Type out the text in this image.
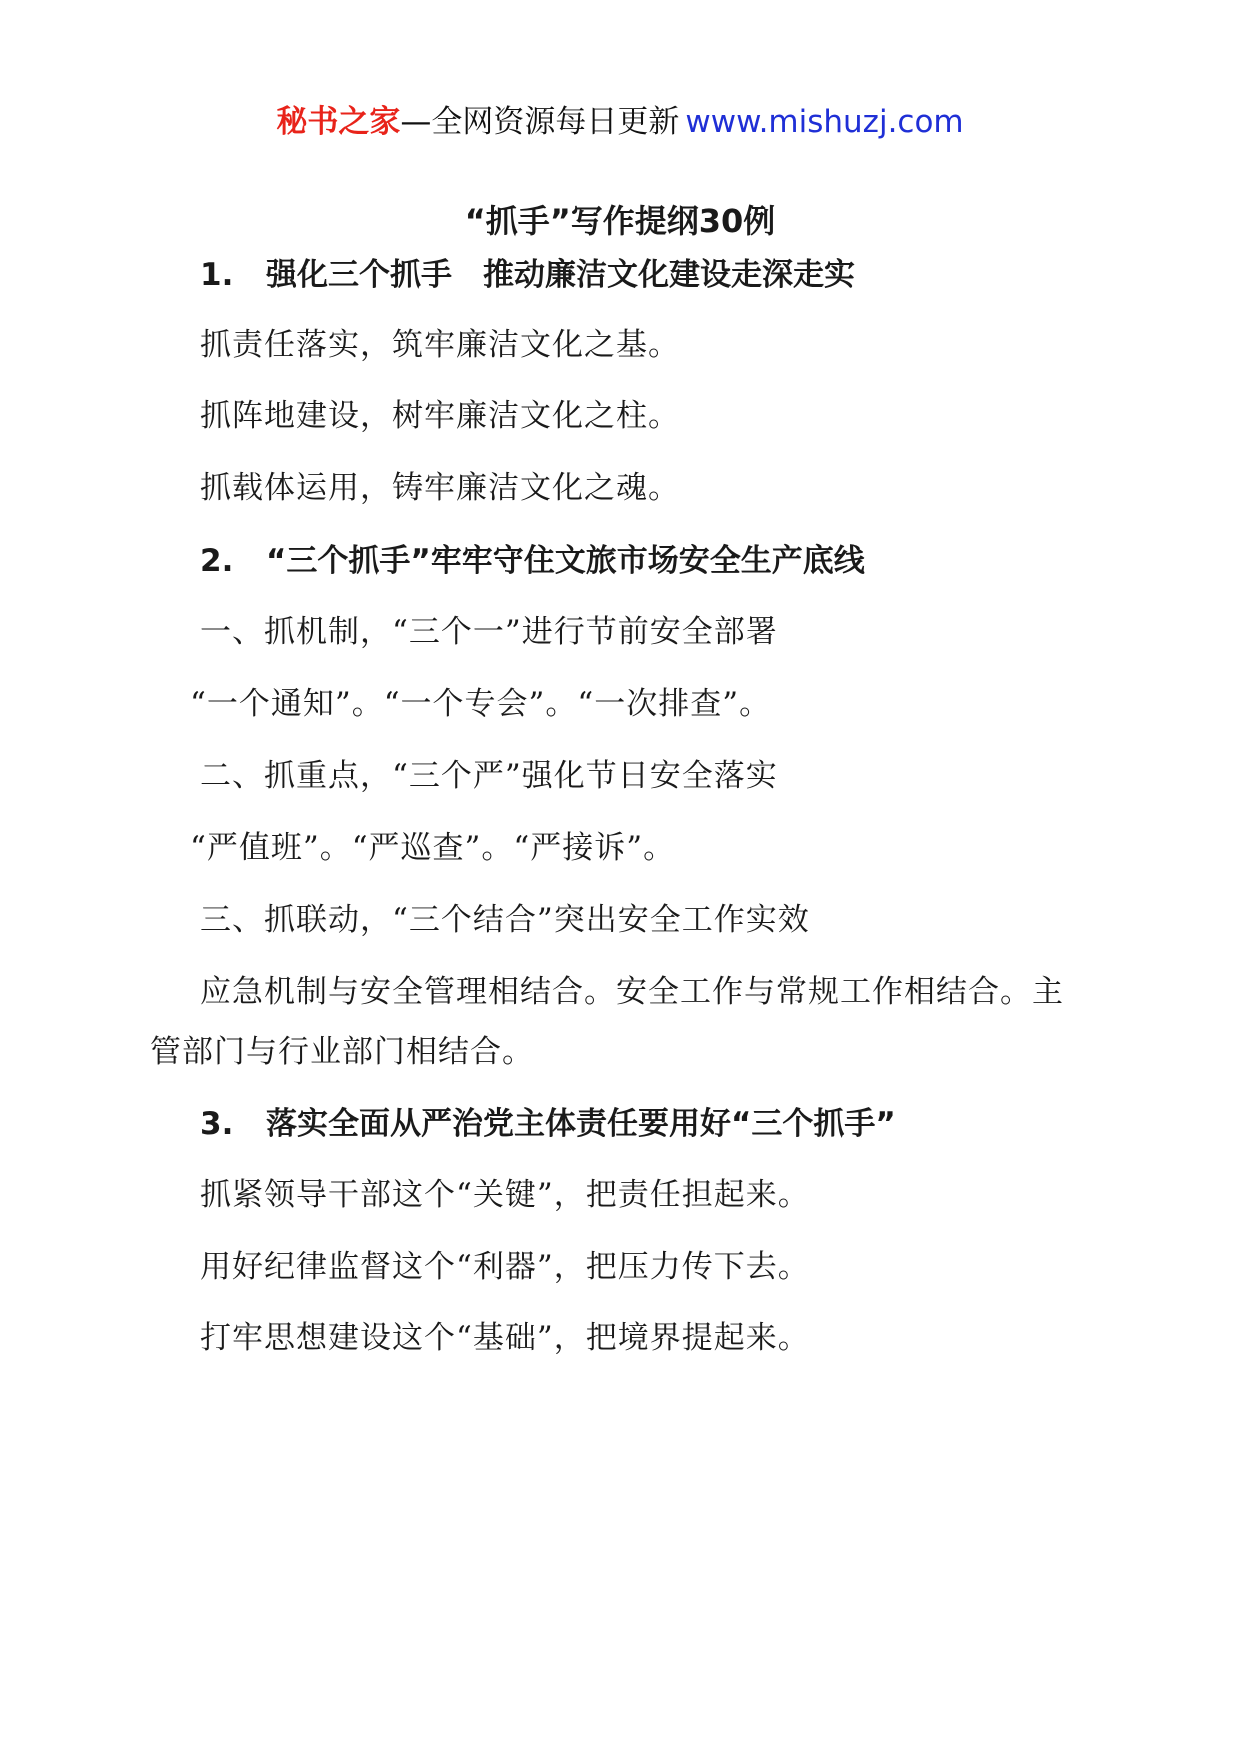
秘书之家—全网资源每日更新 www.mishuzj.com
“抓手”写作提纲30例
1. 强化三个抓手　推动廉洁文化建设走深走实
抓责任落实，筑牢廉洁文化之基。
抓阵地建设，树牢廉洁文化之柱。
抓载体运用，铸牢廉洁文化之魂。
2. “三个抓手”牢牢守住文旅市场安全生产底线
一、抓机制，“三个一”进行节前安全部署
“一个通知”。“一个专会”。“一次排查”。
二、抓重点，“三个严”强化节日安全落实
“严值班”。“严巡查”。“严接诉”。
三、抓联动，“三个结合”突出安全工作实效
应急机制与安全管理相结合。安全工作与常规工作相结合。主管部门与行业部门相结合。
3. 落实全面从严治党主体责任要用好“三个抓手”
抓紧领导干部这个“关键”，把责任担起来。
用好纪律监督这个“利器”，把压力传下去。
打牢思想建设这个“基础”，把境界提起来。
